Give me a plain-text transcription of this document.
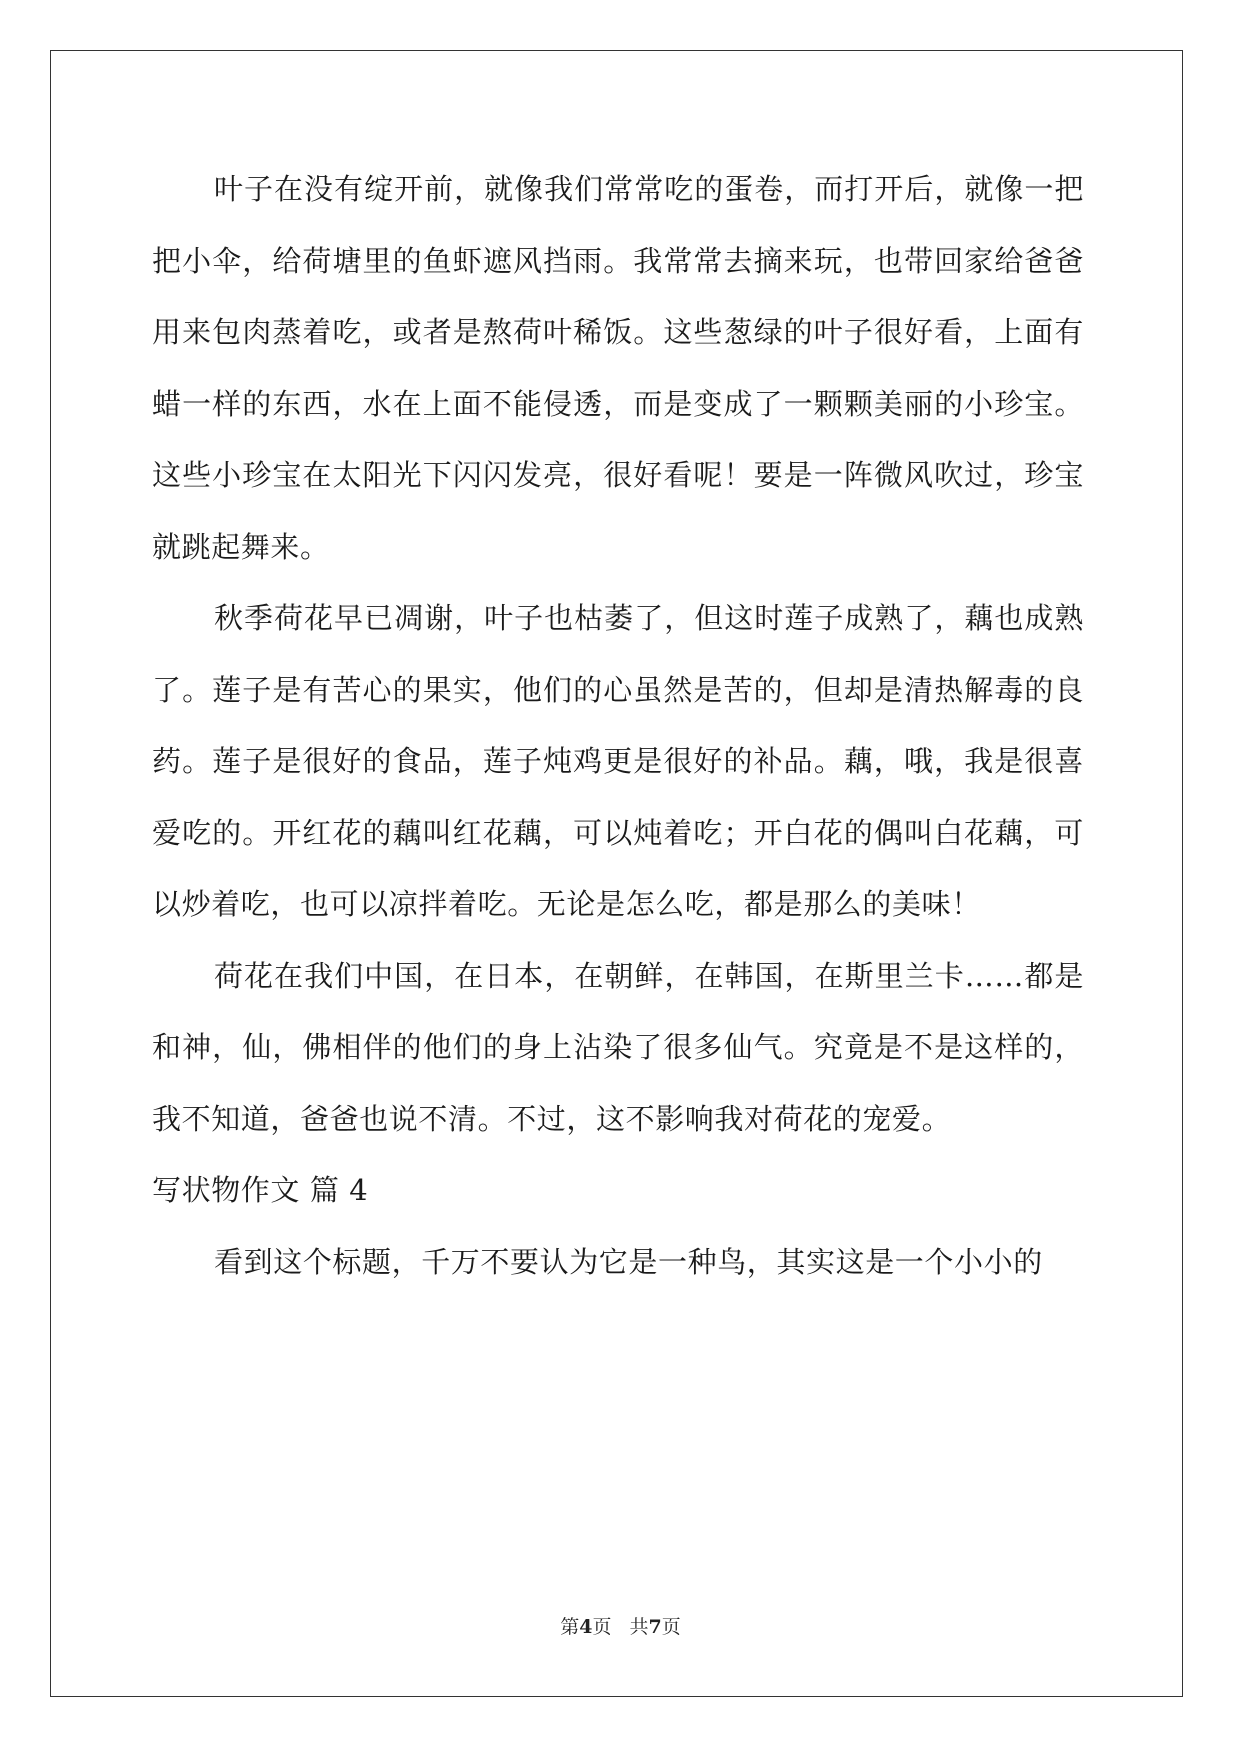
叶子在没有绽开前，就像我们常常吃的蛋卷，而打开后，就像一把把小伞，给荷塘里的鱼虾遮风挡雨。我常常去摘来玩，也带回家给爸爸用来包肉蒸着吃，或者是熬荷叶稀饭。这些葱绿的叶子很好看，上面有蜡一样的东西，水在上面不能侵透，而是变成了一颗颗美丽的小珍宝。这些小珍宝在太阳光下闪闪发亮，很好看呢！要是一阵微风吹过，珍宝就跳起舞来。

秋季荷花早已凋谢，叶子也枯萎了，但这时莲子成熟了，藕也成熟了。莲子是有苦心的果实，他们的心虽然是苦的，但却是清热解毒的良药。莲子是很好的食品，莲子炖鸡更是很好的补品。藕，哦，我是很喜爱吃的。开红花的藕叫红花藕，可以炖着吃；开白花的偶叫白花藕，可以炒着吃，也可以凉拌着吃。无论是怎么吃，都是那么的美味！

荷花在我们中国，在日本，在朝鲜，在韩国，在斯里兰卡……都是和神，仙，佛相伴的他们的身上沾染了很多仙气。究竟是不是这样的，我不知道，爸爸也说不清。不过，这不影响我对荷花的宠爱。

写状物作文 篇 4

看到这个标题，千万不要认为它是一种鸟，其实这是一个小小的

第4页 共7页
